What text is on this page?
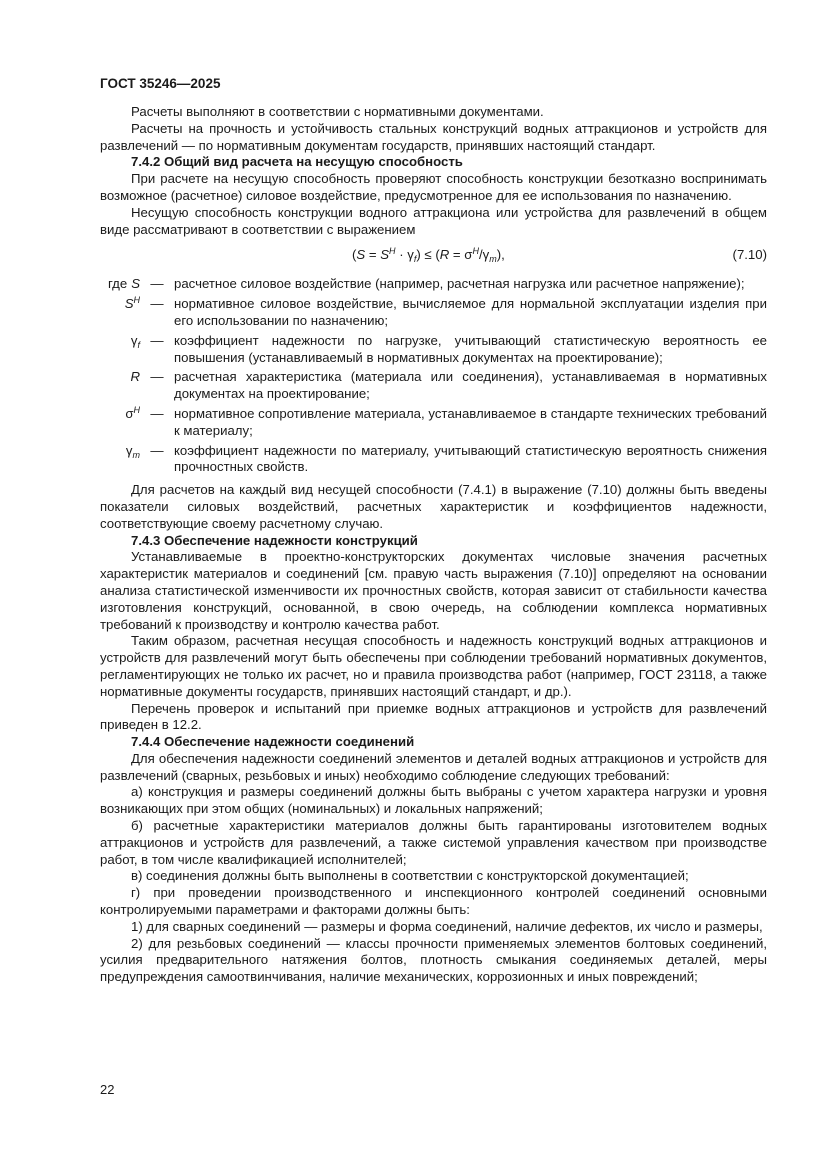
ГОСТ 35246—2025

Расчеты выполняют в соответствии с нормативными документами.

Расчеты на прочность и устойчивость стальных конструкций водных аттракционов и устройств для развлечений — по нормативным документам государств, принявших настоящий стандарт.

7.4.2 Общий вид расчета на несущую способность

При расчете на несущую способность проверяют способность конструкции безотказно воспринимать возможное (расчетное) силовое воздействие, предусмотренное для ее использования по назначению.

Несущую способность конструкции водного аттракциона или устройства для развлечений в общем виде рассматривают в соответствии с выражением

$(S = S^H \cdot \gamma_f) \le (R = \sigma^H/\gamma_m)$,	(7.10)
где S — расчетное силовое воздействие (например, расчетная нагрузка или расчетное напряжение);
$S^H$ — нормативное силовое воздействие, вычисляемое для нормальной эксплуатации изделия при его использовании по назначению;
$\gamma_f$ — коэффициент надежности по нагрузке, учитывающий статистическую вероятность ее повышения (устанавливаемый в нормативных документах на проектирование);
R — расчетная характеристика (материала или соединения), устанавливаемая в нормативных документах на проектирование;
$\sigma^H$ — нормативное сопротивление материала, устанавливаемое в стандарте технических требований к материалу;
$\gamma_m$ — коэффициент надежности по материалу, учитывающий статистическую вероятность снижения прочностных свойств.

Для расчетов на каждый вид несущей способности (7.4.1) в выражение (7.10) должны быть введены показатели силовых воздействий, расчетных характеристик и коэффициентов надежности, соответствующие своему расчетному случаю.

7.4.3 Обеспечение надежности конструкций

Устанавливаемые в проектно-конструкторских документах числовые значения расчетных характеристик материалов и соединений [см. правую часть выражения (7.10)] определяют на основании анализа статистической изменчивости их прочностных свойств, которая зависит от стабильности качества изготовления конструкций, основанной, в свою очередь, на соблюдении комплекса нормативных требований к производству и контролю качества работ.

Таким образом, расчетная несущая способность и надежность конструкций водных аттракционов и устройств для развлечений могут быть обеспечены при соблюдении требований нормативных документов, регламентирующих не только их расчет, но и правила производства работ (например, ГОСТ 23118, а также нормативные документы государств, принявших настоящий стандарт, и др.).

Перечень проверок и испытаний при приемке водных аттракционов и устройств для развлечений приведен в 12.2.

7.4.4 Обеспечение надежности соединений

Для обеспечения надежности соединений элементов и деталей водных аттракционов и устройств для развлечений (сварных, резьбовых и иных) необходимо соблюдение следующих требований:

а) конструкция и размеры соединений должны быть выбраны с учетом характера нагрузки и уровня возникающих при этом общих (номинальных) и локальных напряжений;

б) расчетные характеристики материалов должны быть гарантированы изготовителем водных аттракционов и устройств для развлечений, а также системой управления качеством при производстве работ, в том числе квалификацией исполнителей;

в) соединения должны быть выполнены в соответствии с конструкторской документацией;

г) при проведении производственного и инспекционного контролей соединений основными контролируемыми параметрами и факторами должны быть:

1) для сварных соединений — размеры и форма соединений, наличие дефектов, их число и размеры,

2) для резьбовых соединений — классы прочности применяемых элементов болтовых соединений, усилия предварительного натяжения болтов, плотность смыкания соединяемых деталей, меры предупреждения самоотвинчивания, наличие механических, коррозионных и иных повреждений;

22
